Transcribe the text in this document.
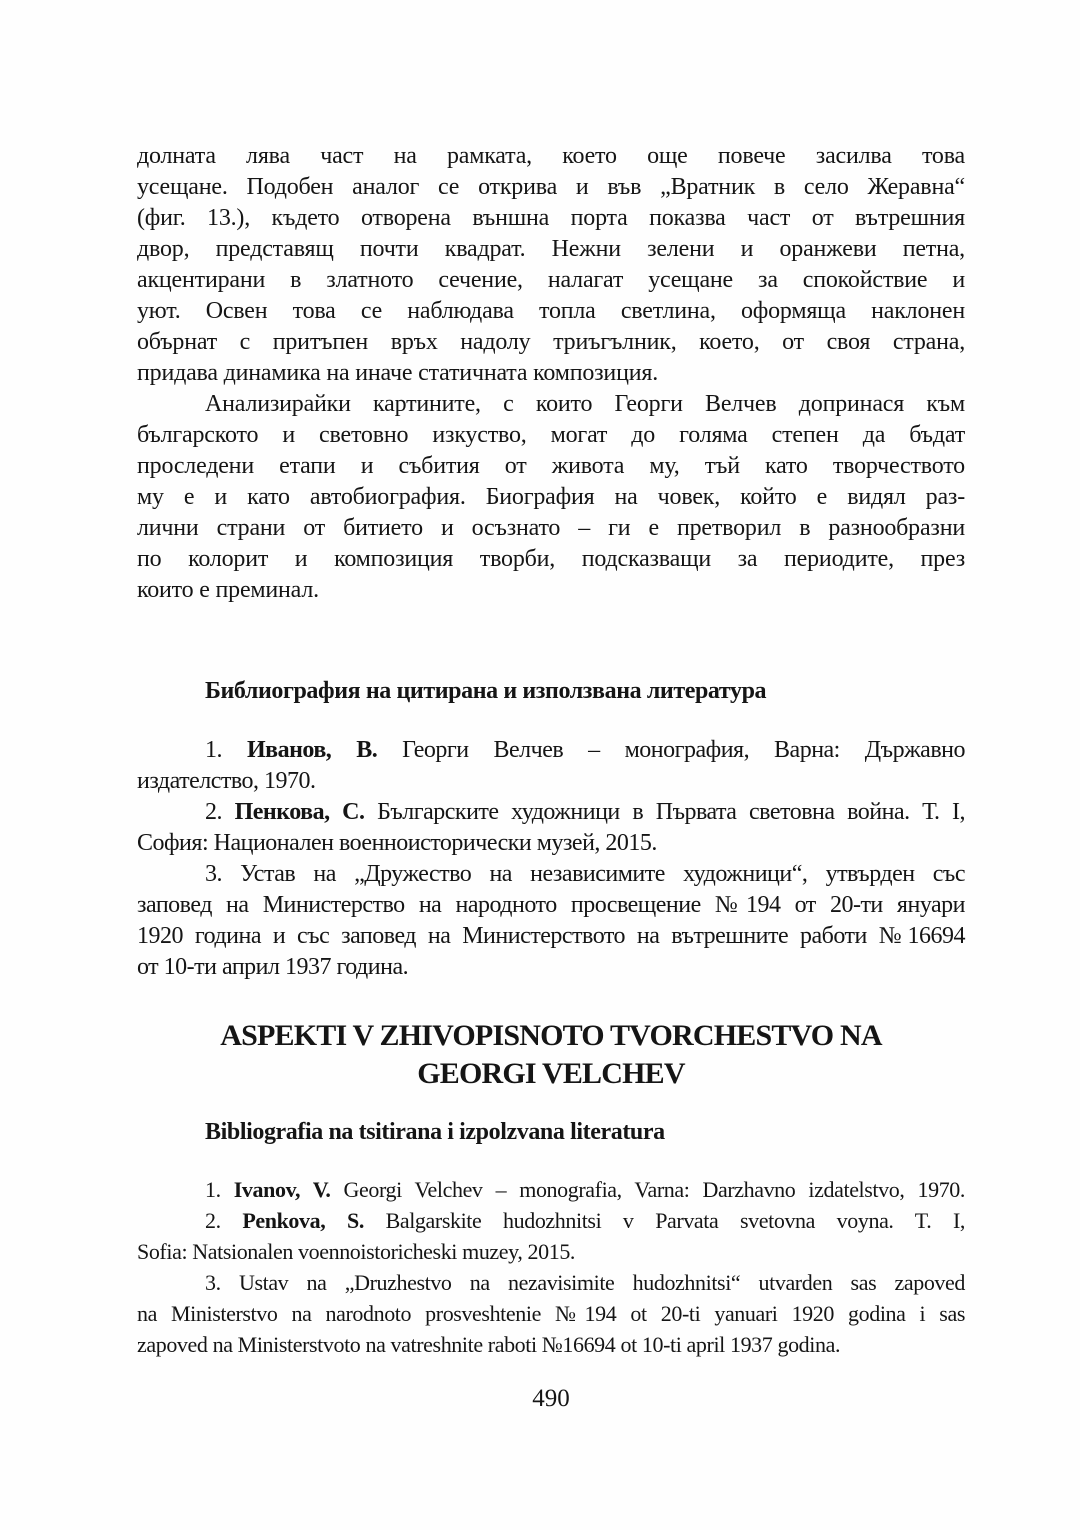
долната лява част на рамката, което още повече засилва това
усещане. Подобен аналог се открива и във „Вратник в село Жеравна“
(фиг. 13.), където отворена външна порта показва част от вътрешния
двор, представящ почти квадрат. Нежни зелени и оранжеви петна,
акцентирани в златното сечение, налагат усещане за спокойствие и
уют. Освен това се наблюдава топла светлина, оформяща наклонен
обърнат с притъпен връх надолу триъгълник, което, от своя страна,
придава динамика на иначе статичната композиция.
Анализирайки картините, с които Георги Велчев допринася към
българското и световно изкуство, могат до голяма степен да бъдат
проследени етапи и събития от живота му, тъй като творчеството
му е и като автобиография. Биография на човек, който е видял раз-
лични страни от битието и осъзнато – ги е претворил в разнообразни
по колорит и композиция творби, подсказващи за периодите, през
които е преминал.
Библиография на цитирана и използвана литература
1. Иванов, В. Георги Велчев – монография, Варна: Държавно
издателство, 1970.
2. Пенкова, С. Българските художници в Първата световна война. Т. I,
София: Национален военноисторически музей, 2015.
3. Устав на „Дружество на независимите художници“, утвърден със
заповед на Министерство на народното просвещение №194 от 20-ти януари
1920 година и със заповед на Министерството на вътрешните работи №16694
от 10-ти април 1937 година.
ASPEKTI V ZHIVOPISNOTO TVORCHESTVO NA
GEORGI VELCHEV
Bibliografia na tsitirana i izpolzvana literatura
1. Ivanov, V. Georgi Velchev – monografia, Varna: Darzhavno izdatelstvo, 1970.
2. Penkova, S. Balgarskite hudozhnitsi v Parvata svetovna voyna. T. I,
Sofia: Natsionalen voennoistoricheski muzey, 2015.
3. Ustav na „Druzhestvo na nezavisimite hudozhnitsi“ utvarden sas zapoved
na Ministerstvo na narodnoto prosveshtenie №194 ot 20-ti yanuari 1920 godina i sas
zapoved na Ministerstvoto na vatreshnite raboti №16694 ot 10-ti april 1937 godina.
490
